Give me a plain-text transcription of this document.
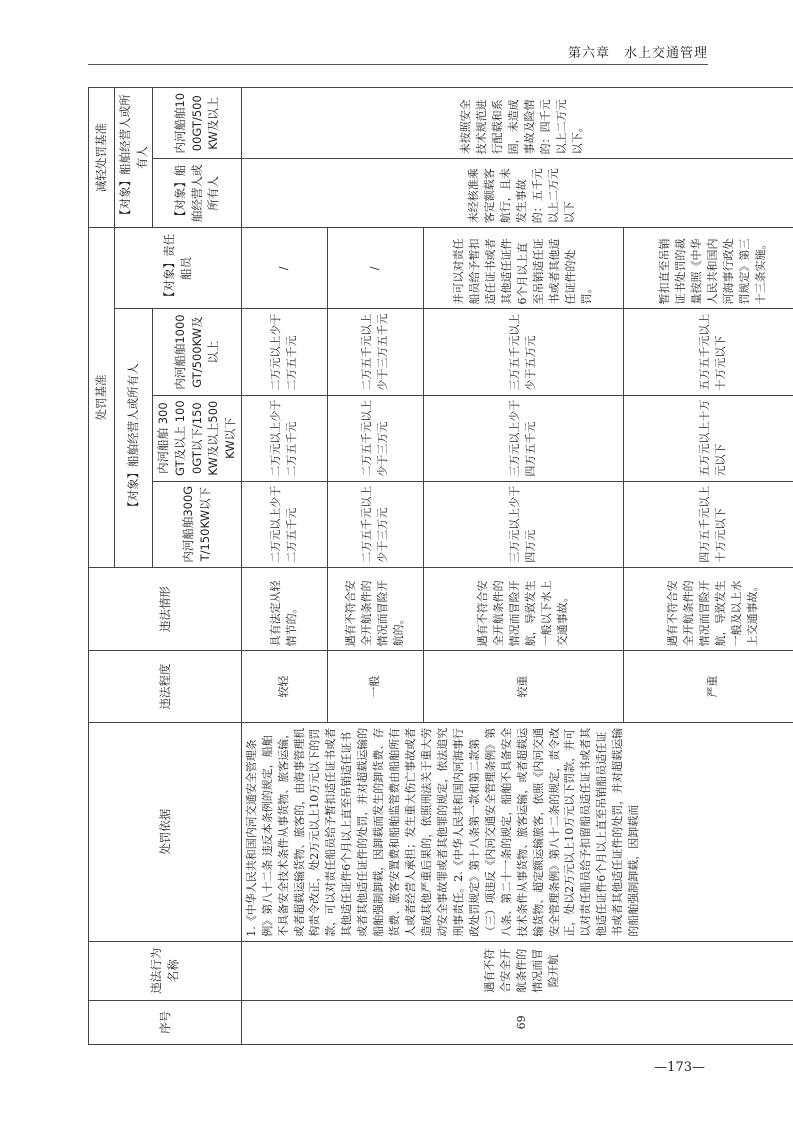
第六章　水上交通管理
序号	违法行为名称	处罚依据	违法程度	违法情形	处罚基准				减轻处罚基准	
					【对象】船舶经营人或所有人			【对象】责任船员	【对象】船舶经营人或所有人	
					内河船舶300GT/150KW以下	内河船舶 300GT及以上 1000GT以下/150KW及以上500KW以下	内河船舶1000GT/500KW及以上		【对象】船舶经营人或所有人	内河船舶1000GT/500KW及以上

69	遇有不符合安全开航条件的情况而冒险开航	1.《中华人民共和国内河交通安全管理条例》第八十二条 违反本条例的规定，船舶不具备安全技术条件从事货物、旅客运输，或者超载运输货物、旅客的，由海事管理机构责令改正，处2万元以上10万元以下的罚款，可以对责任船员给予暂扣适任证书或者其他适任证件6个月以上直至吊销适任证书或者其他适任证件的处罚，并对超载运输的船舶强制卸载，因卸载而发生的卸货费、存货费、旅客安置费和船舶监管费由船舶所有人或者经营人承担；发生重大伤亡事故或者造成其他严重后果的，依照刑法关于重大劳动安全事故罪或者其他罪的规定，依法追究刑事责任。2.《中华人民共和国内河海事行政处罚规定》第十八条第一款和第二款第（三）项违反《内河交通安全管理条例》第八条、第二十一条的规定，船舶不具备安全技术条件从事货物、旅客运输，或者超载运输货物、超定额运输旅客，依照《内河交通安全管理条例》第八十二条的规定，责令改正，处以2万元以上10万元以下罚款，并可以对责任船员给予扣留船员适任证书或者其他适任证件6个月以上直至吊销船员适任证书或者其他适任证件的处罚，并对超载运输的船舶强制卸载，因卸载而	较轻	具有法定从轻情节的。	二万元以上少于二万五千元	二万元以上少于二万五千元	二万元以上少于二万五千元	/	未经核准乘客定额载客航行，且未发生事故的：五千元以上二万元以下	未按照安全技术规范进行配载和系固，未造成事故及险情的：四千元以上二万元以下。
			一般	遇有不符合安全开航条件的情况而冒险开航的。	二万五千元以上少于三万元	二万五千元以上少于三万元	二万五千元以上少于三万五千元	/		
			较重	遇有不符合安全开航条件的情况而冒险开航，导致发生一般以下水上交通事故。	三万元以上少于四万元	三万元以上少于四万五千元	三万五千元以上少于五万元	并可以对责任船员给予暂扣适任证书或者其他适任证件6个月以上直至吊销适任证书或者其他适任证件的处罚。		
			严重	遇有不符合安全开航条件的情况而冒险开航，导致发生一般及以上水上交通事故。	四万五千元以上十万元以下	五万元以上十万元以下	五万五千元以上十万元以下	暂扣直至吊销证书处罚的裁量按照《中华人民共和国内河海事行政处罚规定》第三十三条实施。		
—173—
